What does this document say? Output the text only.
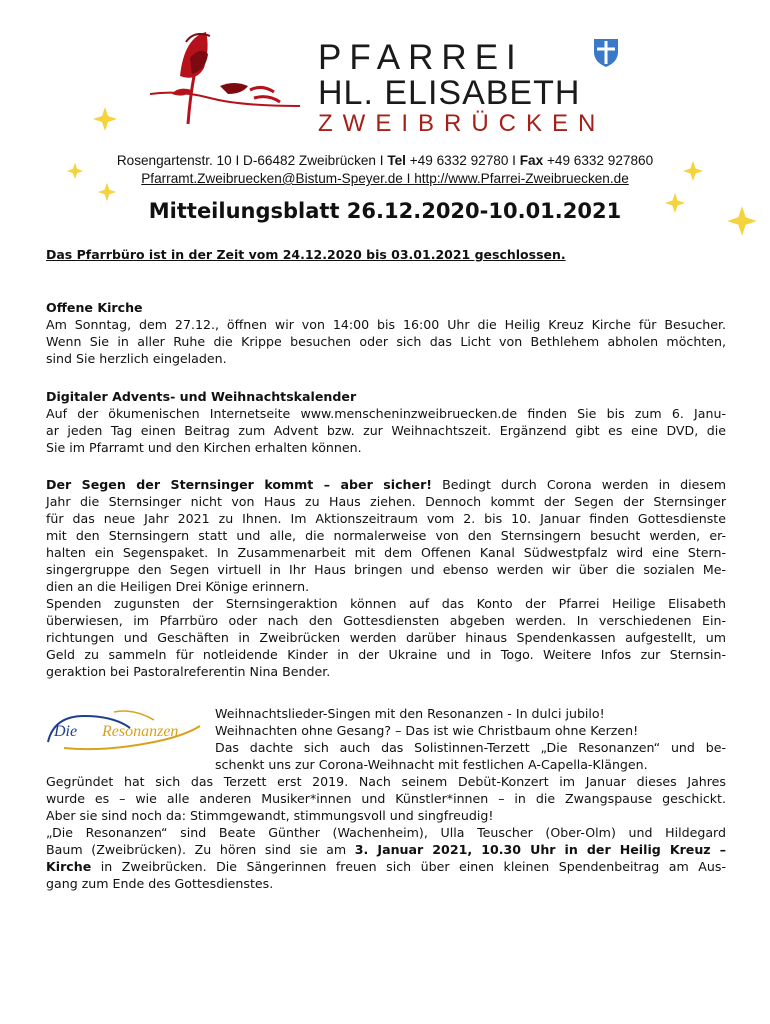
PFARREI
HL. ELISABETH
ZWEIBRÜCKEN
Rosengartenstr. 10 I D-66482 Zweibrücken I Tel +49 6332 92780 I Fax +49 6332 927860
Pfarramt.Zweibruecken@Bistum-Speyer.de I http://www.Pfarrei-Zweibruecken.de
Mitteilungsblatt 26.12.2020-10.01.2021
Das Pfarrbüro ist in der Zeit vom 24.12.2020 bis 03.01.2021 geschlossen.
Offene Kirche
Am Sonntag, dem 27.12., öffnen wir von 14:00 bis 16:00 Uhr die Heilig Kreuz Kirche für Besucher.
Wenn Sie in aller Ruhe die Krippe besuchen oder sich das Licht von Bethlehem abholen möchten,
sind Sie herzlich eingeladen.
Digitaler Advents- und Weihnachtskalender
Auf der ökumenischen Internetseite www.menscheninzweibruecken.de finden Sie bis zum 6. Janu-
ar jeden Tag einen Beitrag zum Advent bzw. zur Weihnachtszeit. Ergänzend gibt es eine DVD, die
Sie im Pfarramt und den Kirchen erhalten können.
Der Segen der Sternsinger kommt – aber sicher! Bedingt durch Corona werden in diesem
Jahr die Sternsinger nicht von Haus zu Haus ziehen. Dennoch kommt der Segen der Sternsinger
für das neue Jahr 2021 zu Ihnen. Im Aktionszeitraum vom 2. bis 10. Januar finden Gottesdienste
mit den Sternsingern statt und alle, die normalerweise von den Sternsingern besucht werden, er-
halten ein Segenspaket. In Zusammenarbeit mit dem Offenen Kanal Südwestpfalz wird eine Stern-
singergruppe den Segen virtuell in Ihr Haus bringen und ebenso werden wir über die sozialen Me-
dien an die Heiligen Drei Könige erinnern.
Spenden zugunsten der Sternsingeraktion können auf das Konto der Pfarrei Heilige Elisabeth
überwiesen, im Pfarrbüro oder nach den Gottesdiensten abgeben werden. In verschiedenen Ein-
richtungen und Geschäften in Zweibrücken werden darüber hinaus Spendenkassen aufgestellt, um
Geld zu sammeln für notleidende Kinder in der Ukraine und in Togo. Weitere Infos zur Sternsin-
geraktion bei Pastoralreferentin Nina Bender.
Die Resonanzen
Weihnachtslieder-Singen mit den Resonanzen - In dulci jubilo!
Weihnachten ohne Gesang? – Das ist wie Christbaum ohne Kerzen!
Das dachte sich auch das Solistinnen-Terzett „Die Resonanzen“ und be-
schenkt uns zur Corona-Weihnacht mit festlichen A-Capella-Klängen.
Gegründet hat sich das Terzett erst 2019. Nach seinem Debüt-Konzert im Januar dieses Jahres
wurde es – wie alle anderen Musiker*innen und Künstler*innen – in die Zwangspause geschickt.
Aber sie sind noch da: Stimmgewandt, stimmungsvoll und singfreudig!
„Die Resonanzen“ sind Beate Günther (Wachenheim), Ulla Teuscher (Ober-Olm) und Hildegard
Baum (Zweibrücken). Zu hören sind sie am 3. Januar 2021, 10.30 Uhr in der Heilig Kreuz –
Kirche in Zweibrücken. Die Sängerinnen freuen sich über einen kleinen Spendenbeitrag am Aus-
gang zum Ende des Gottesdienstes.
